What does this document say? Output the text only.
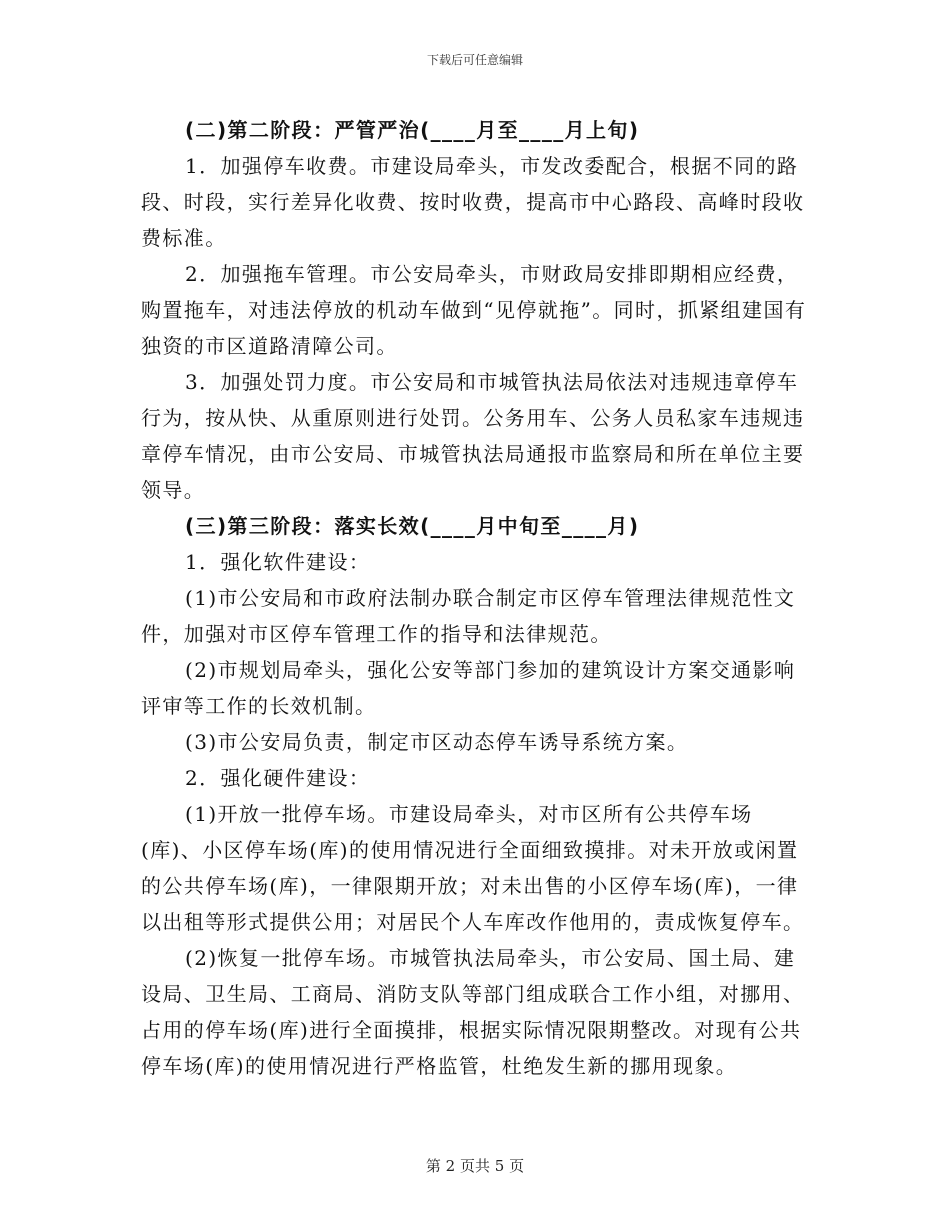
下载后可任意编辑

(二)第二阶段：严管严治(____月至____月上旬)

1．加强停车收费。市建设局牵头，市发改委配合，根据不同的路段、时段，实行差异化收费、按时收费，提高市中心路段、高峰时段收费标准。

2．加强拖车管理。市公安局牵头，市财政局安排即期相应经费，购置拖车，对违法停放的机动车做到“见停就拖”。同时，抓紧组建国有独资的市区道路清障公司。

3．加强处罚力度。市公安局和市城管执法局依法对违规违章停车行为，按从快、从重原则进行处罚。公务用车、公务人员私家车违规违章停车情况，由市公安局、市城管执法局通报市监察局和所在单位主要领导。

(三)第三阶段：落实长效(____月中旬至____月)

1．强化软件建设：

(1)市公安局和市政府法制办联合制定市区停车管理法律规范性文件，加强对市区停车管理工作的指导和法律规范。

(2)市规划局牵头，强化公安等部门参加的建筑设计方案交通影响评审等工作的长效机制。

(3)市公安局负责，制定市区动态停车诱导系统方案。

2．强化硬件建设：

(1)开放一批停车场。市建设局牵头，对市区所有公共停车场(库)、小区停车场(库)的使用情况进行全面细致摸排。对未开放或闲置的公共停车场(库)，一律限期开放；对未出售的小区停车场(库)，一律以出租等形式提供公用；对居民个人车库改作他用的，责成恢复停车。

(2)恢复一批停车场。市城管执法局牵头，市公安局、国土局、建设局、卫生局、工商局、消防支队等部门组成联合工作小组，对挪用、占用的停车场(库)进行全面摸排，根据实际情况限期整改。对现有公共停车场(库)的使用情况进行严格监管，杜绝发生新的挪用现象。

第 2 页共 5 页
